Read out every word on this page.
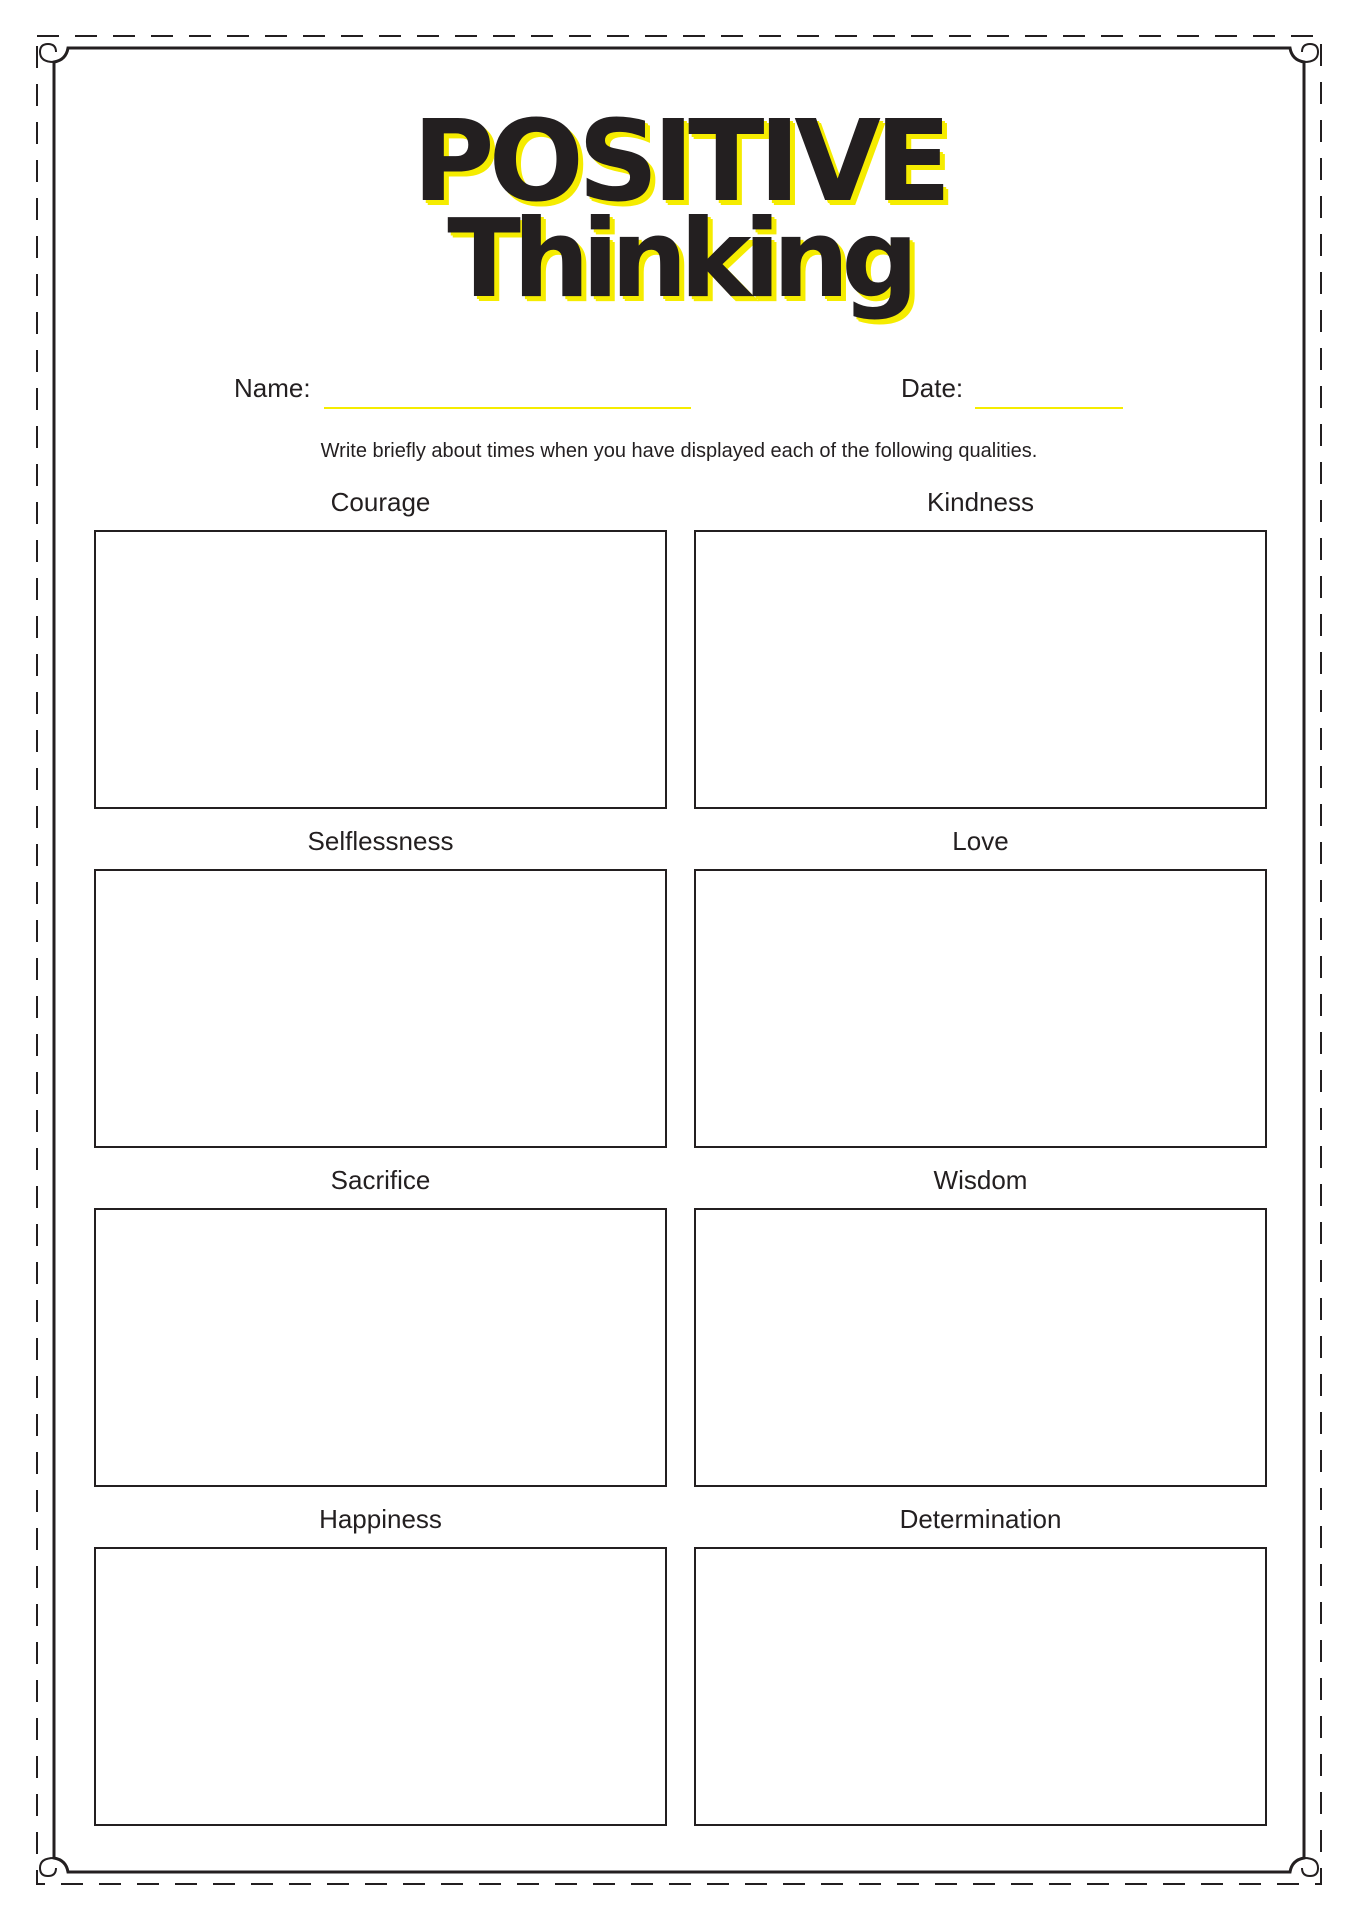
POSITIVE
Thinking
Name:	Date:
Write briefly about times when you have displayed each of the following qualities.
Courage	Kindness
Selflessness	Love
Sacrifice	Wisdom
Happiness	Determination
